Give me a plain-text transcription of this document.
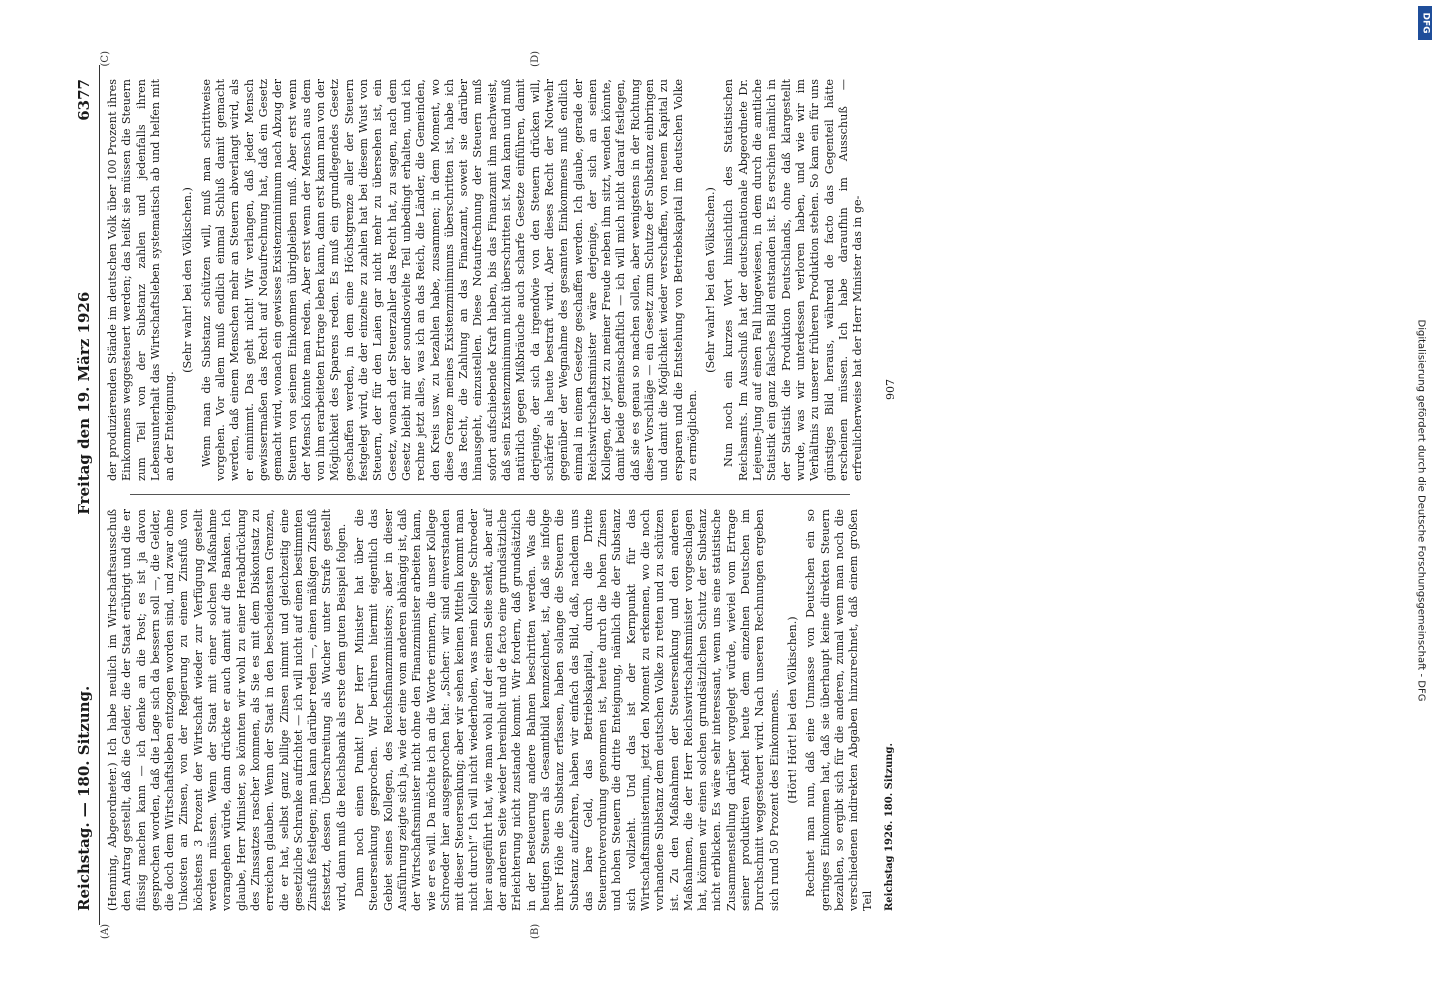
Reichstag. — 180. Sitzung.
Freitag den 19. März 1926
6377

(Henning, Abgeordneter.) Ich habe neulich im Wirtschaftsausschuß den Antrag gestellt, daß die Gelder, die der Staat erübrigt und die er flüssig machen kann — ich denke an die Post; es ist ja davon gesprochen worden, daß die Lage sich da bessern soll —, die Gelder, die doch dem Wirtschaftsleben entzogen worden sind, und zwar ohne Unkosten an Zinsen, von der Regierung zu einem Zinsfuß von höchstens 3 Prozent der Wirtschaft wieder zur Verfügung gestellt werden müssen. Wenn der Staat mit einer solchen Maßnahme vorangehen würde, dann drückte er auch damit auf die Banken. Ich glaube, Herr Minister, so könnten wir wohl zu einer Herabdrückung des Zinssatzes rascher kommen, als Sie es mit dem Diskontsatz zu erreichen glauben. Wenn der Staat in den bescheidensten Grenzen, die er hat, selbst ganz billige Zinsen nimmt und gleichzeitig eine gesetzliche Schranke aufrichtet — ich will nicht auf einen bestimmten Zinsfuß festlegen; man kann darüber reden —, einen mäßigen Zinsfuß festsetzt, dessen Überschreitung als Wucher unter Strafe gestellt wird, dann muß die Reichsbank als erste dem guten Beispiel folgen. Dann noch einen Punkt! Der Herr Minister hat über die Steuersenkung gesprochen. Wir berühren hiermit eigentlich das Gebiet seines Kollegen, des Reichsfinanzministers; aber in dieser Ausführung zeigte sich ja, wie der eine vom anderen abhängig ist, daß der Wirtschaftsminister nicht ohne den Finanzminister arbeiten kann, wie er es will. Da möchte ich an die Worte erinnern, die unser Kollege Schroeder hier ausgesprochen hat: „Sicher: wir sind einverstanden mit dieser Steuersenkung; aber wir sehen keinen Mitteln kommt man nicht durch!“ Ich will nicht wiederholen, was mein Kollege Schroeder hier ausgeführt hat, wie man wohl auf der einen Seite senkt, aber auf der anderen Seite wieder hereinholt und de facto eine grundsätzliche Erleichterung nicht zustande kommt. Wir fordern, daß grundsätzlich in der Besteuerung andere Bahnen beschritten werden. Was die heutigen Steuern als Gesamtbild kennzeichnet, ist, daß sie infolge ihrer Höhe die Substanz erfassen, haben solange die Steuern die Substanz aufzehren, haben wir einfach das Bild, daß, nachdem uns das bare Geld, das Betriebskapital, durch die Dritte Steuernotverordnung genommen ist, heute durch die hohen Zinsen und hohen Steuern die dritte Enteignung, nämlich die der Substanz sich vollzieht. Und das ist der Kernpunkt für das Wirtschaftsministerium, jetzt den Moment zu erkennen, wo die noch vorhandene Substanz dem deutschen Volke zu retten und zu schützen ist. Zu den Maßnahmen der Steuersenkung und den anderen Maßnahmen, die der Herr Reichswirtschaftsminister vorgeschlagen hat, können wir einen solchen grundsätzlichen Schutz der Substanz nicht erblicken. Es wäre sehr interessant, wenn uns eine statistische Zusammenstellung darüber vorgelegt würde, wieviel vom Ertrage seiner produktiven Arbeit heute dem einzelnen Deutschen im Durchschnitt weggesteuert wird. Nach unseren Rechnungen ergeben sich rund 50 Prozent des Einkommens. (Hört! Hört! bei den Völkischen.) Rechnet man nun, daß eine Unmasse von Deutschen ein so geringes Einkommen hat, daß sie überhaupt keine direkten Steuern bezahlen, so ergibt sich für die anderen, zumal wenn man noch die verschiedenen indirekten Abgaben hinzurechnet, daß einem großen Teil

der produzierenden Stände im deutschen Volk über 100 Prozent ihres Einkommens weggesteuert werden; das heißt sie müssen die Steuern zum Teil von der Substanz zahlen und jedenfalls ihren Lebensunterhalt das Wirtschaftsleben systematisch ab und helfen mit an der Enteignung.

(Sehr wahr! bei den Völkischen.) Wenn man die Substanz schützen will, muß man schrittweise vorgehen. Vor allem muß endlich einmal Schluß damit gemacht werden, daß einem Menschen mehr an Steuern abverlangt wird, als er einnimmt. Das geht nicht! Wir verlangen, daß jeder Mensch gewissermaßen das Recht auf Notaufrechnung hat, daß ein Gesetz gemacht wird, wonach ein gewisses Existenzminimum nach Abzug der Steuern von seinem Einkommen übrigbleiben muß. Aber erst wenn der Mensch könnte man reden. Aber erst wenn der Mensch aus dem von ihm erarbeiteten Ertrage leben kann, dann erst kann man von der Möglichkeit des Sparens reden. Es muß ein grundlegendes Gesetz geschaffen werden, in dem eine Höchstgrenze aller der Steuern festgelegt wird, die der einzelne zu zahlen hat bei diesem Wust von Steuern, der für den Laien gar nicht mehr zu übersehen ist, ein Gesetz, wonach der Steuerzahler das Recht hat, zu sagen, nach dem Gesetz bleibt mir der soundsovielte Teil unbedingt erhalten, und ich rechne jetzt alles, was ich an das Reich, die Länder, die Gemeinden, den Kreis usw. zu bezahlen habe, zusammen; in dem Moment, wo diese Grenze meines Existenzminimums überschritten ist, habe ich das Recht, die Zahlung an das Finanzamt, soweit sie darüber hinausgeht, einzustellen. Diese Notaufrechnung der Steuern muß sofort aufschiebende Kraft haben, bis das Finanzamt ihm nachweist, daß sein Existenzminimum nicht überschritten ist. Man kann und muß natürlich gegen Mißbräuche auch scharfe Gesetze einführen, damit derjenige, der sich da irgendwie von den Steuern drücken will, schärfer als heute bestraft wird. Aber dieses Recht der Notwehr gegenüber der Wegnahme des gesamten Einkommens muß endlich einmal in einem Gesetze geschaffen werden. Ich glaube, gerade der Reichswirtschaftsminister wäre derjenige, der sich an seinen Kollegen, der jetzt zu meiner Freude neben ihm sitzt, wenden könnte, damit beide gemeinschaftlich — ich will mich nicht darauf festlegen, daß sie es genau so machen sollen, aber wenigstens in der Richtung dieser Vorschläge — ein Gesetz zum Schutze der Substanz einbringen und damit die Möglichkeit wieder verschaffen, von neuem Kapital zu ersparen und die Entstehung von Betriebskapital im deutschen Volke zu ermöglichen.

(Sehr wahr! bei den Völkischen.) Nun noch ein kurzes Wort hinsichtlich des Statistischen Reichsamts. Im Ausschuß hat der deutschnationale Abgeordnete Dr. Lejeune-Jung auf einen Fall hingewiesen, in dem durch die amtliche Statistik ein ganz falsches Bild entstanden ist. Es erschien nämlich in der Statistik die Produktion Deutschlands, ohne daß klargestellt wurde, was wir unterdessen verloren haben, und wie wir im Verhältnis zu unserer früheren Produktion stehen. So kam ein für uns günstiges Bild heraus, während de facto das Gegenteil hätte erscheinen müssen. Ich habe daraufhin im Ausschuß — erfreulicherweise hat der Herr Minister das in ge-

(A)	(B)
(C)	(D)
Reichstag 1926. 180. Sitzung.
907
DFG
Digitalisierung gefördert durch die Deutsche Forschungsgemeinschaft - DFG
